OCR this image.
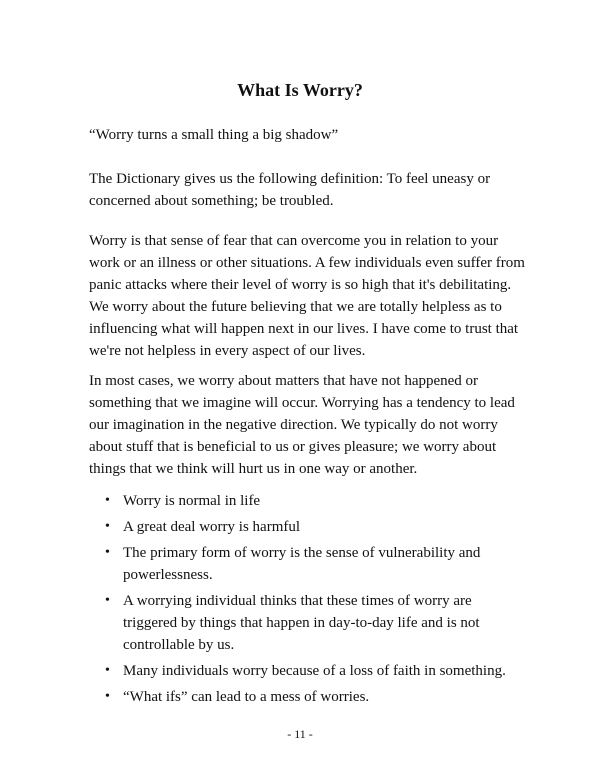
What Is Worry?

“Worry turns a small thing a big shadow”

The Dictionary gives us the following definition: To feel uneasy or concerned about something; be troubled.

Worry is that sense of fear that can overcome you in relation to your work or an illness or other situations. A few individuals even suffer from panic attacks where their level of worry is so high that it's debilitating. We worry about the future believing that we are totally helpless as to influencing what will happen next in our lives. I have come to trust that we're not helpless in every aspect of our lives.

In most cases, we worry about matters that have not happened or something that we imagine will occur. Worrying has a tendency to lead our imagination in the negative direction. We typically do not worry about stuff that is beneficial to us or gives pleasure; we worry about things that we think will hurt us in one way or another.

• Worry is normal in life
• A great deal worry is harmful
• The primary form of worry is the sense of vulnerability and powerlessness.
• A worrying individual thinks that these times of worry are triggered by things that happen in day-to-day life and is not controllable by us.
• Many individuals worry because of a loss of faith in something.
• “What ifs” can lead to a mess of worries.
- 11 -
